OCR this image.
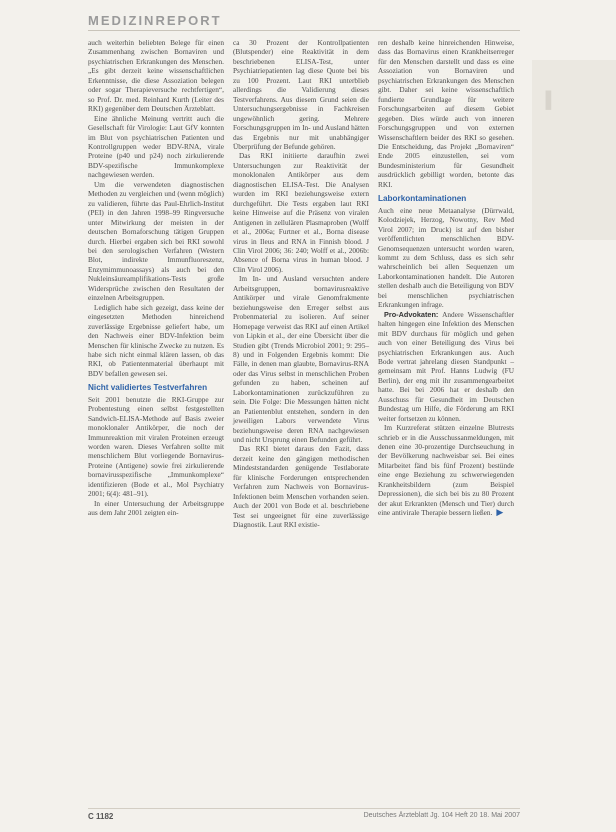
▐
MEDIZINREPORT

auch weiterhin beliebten Belege für einen Zusammenhang zwischen Bornaviren und psychiatrischen Erkrankungen des Menschen. „Es gibt derzeit keine wissenschaftlichen Erkenntnisse, die diese Assoziation belegen oder sogar Therapieversuche rechtfertigen“, so Prof. Dr. med. Reinhard Kurth (Leiter des RKI) gegenüber dem Deutschen Ärzteblatt.

Eine ähnliche Meinung vertritt auch die Gesellschaft für Virologie: Laut GfV konnten im Blut von psychiatrischen Patienten und Kontrollgruppen weder BDV-RNA, virale Proteine (p40 und p24) noch zirkulierende BDV-spezifische Immunkomplexe nachgewiesen werden.

Um die verwendeten diagnostischen Methoden zu vergleichen und (wenn möglich) zu validieren, führte das Paul-Ehrlich-Institut (PEI) in den Jahren 1998–99 Ringversuche unter Mitwirkung der meisten in der deutschen Bornaforschung tätigen Gruppen durch. Hierbei ergaben sich bei RKI sowohl bei den serologischen Verfahren (Western Blot, indirekte Immunfluoreszenz, Enzymimmunoassays) als auch bei den Nukleinsäureamplifikations-Tests große Widersprüche zwischen den Resultaten der einzelnen Arbeitsgruppen.

Lediglich habe sich gezeigt, dass keine der eingesetzten Methoden hinreichend zuverlässige Ergebnisse geliefert habe, um den Nachweis einer BDV-Infektion beim Menschen für klinische Zwecke zu nutzen. Es habe sich nicht einmal klären lassen, ob das RKI, ob Patientenmaterial überhaupt mit BDV befallen gewesen sei.

Nicht validiertes Testverfahren

Seit 2001 benutzte die RKI-Gruppe zur Probentestung einen selbst festgestellten Sandwich-ELISA-Methode auf Basis zweier monoklonaler Antikörper, die noch der Immunreaktion mit viralen Proteinen erzeugt worden waren. Dieses Verfahren sollte mit menschlichem Blut vorliegende Bornavirus-Proteine (Antigene) sowie frei zirkulierende bornavirusspezifische „Immunkomplexe“ identifizieren (Bode et al., Mol Psychiatry 2001; 6(4): 481–91).

In einer Untersuchung der Arbeitsgruppe aus dem Jahr 2001 zeigten ein-

ca 30 Prozent der Kontrollpatienten (Blutspender) eine Reaktivität in dem beschriebenen ELISA-Test, unter Psychiatriepatienten lag diese Quote bei bis zu 100 Prozent. Laut RKI unterblieb allerdings die Validierung dieses Testverfahrens. Aus diesem Grund seien die Untersuchungsergebnisse in Fachkreisen ungewöhnlich gering. Mehrere Forschungsgruppen im In- und Ausland hätten das Ergebnis nur mit unabhängiger Überprüfung der Befunde gehören.

Das RKI initiierte daraufhin zwei Untersuchungen zur Reaktivität der monoklonalen Antikörper aus dem diagnostischen ELISA-Test. Die Analysen wurden im RKI beziehungsweise extern durchgeführt. Die Tests ergaben laut RKI keine Hinweise auf die Präsenz von viralen Antigenen in zellulären Plasmaproben (Wolff et al., 2006a; Furtner et al., Borna disease virus in Ileus and RNA in Finnish blood. J Clin Virol 2006; 36: 240; Wolff et al., 2006b: Absence of Borna virus in human blood. J Clin Virol 2006).

Im In- und Ausland versuchten andere Arbeitsgruppen, bornavirusreaktive Antikörper und virale Genomfrakmente beziehungsweise den Erreger selbst aus Probenmaterial zu isolieren. Auf seiner Homepage verweist das RKI auf einen Artikel von Lipkin et al., der eine Übersicht über die Studien gibt (Trends Microbiol 2001; 9: 295–8) und in Folgenden Ergebnis kommt: Die Fälle, in denen man glaubte, Bornavirus-RNA oder das Virus selbst in menschlichen Proben gefunden zu haben, scheinen auf Laborkontaminationen zurückzuführen zu sein. Die Folge: Die Messungen hätten nicht an Patientenblut entstehen, sondern in den jeweiligen Labors verwendete Virus beziehungsweise deren RNA nachgewiesen und nicht Ursprung einen Befunden geführt.

Das RKI bietet daraus den Fazit, dass derzeit keine den gängigen methodischen Mindeststandarden genügende Testlaborate für klinische Forderungen entsprechenden Verfahren zum Nachweis von Bornavirus-Infektionen beim Menschen vorhanden seien. Auch der 2001 von Bode et al. beschriebene Test sei ungeeignet für eine zuverlässige Diagnostik. Laut RKI existie-

ren deshalb keine hinreichenden Hinweise, dass das Bornavirus einen Krankheitserreger für den Menschen darstellt und dass es eine Assoziation von Bornaviren und psychiatrischen Erkrankungen des Menschen gibt. Daher sei keine wissenschaftlich fundierte Grundlage für weitere Forschungsarbeiten auf diesem Gebiet gegeben. Dies würde auch von inneren Forschungsgruppen und von externen Wissenschaftlern beider des RKI so gesehen. Die Entscheidung, das Projekt „Bornaviren“ Ende 2005 einzustellen, sei vom Bundesministerium für Gesundheit ausdrücklich gebilligt worden, betonte das RKI.

Laborkontaminationen

Auch eine neue Metaanalyse (Dürrwald, Kolodziejek, Herzog, Nowotny, Rev Med Virol 2007; im Druck) ist auf den bisher veröffentlichten menschlichen BDV-Genomsequenzen untersucht worden waren, kommt zu dem Schluss, dass es sich sehr wahrscheinlich bei allen Sequenzen um Laborkontaminationen handelt. Die Autoren stellen deshalb auch die Beteiligung von BDV bei menschlichen psychiatrischen Erkrankungen infrage.

Pro-Advokaten: Andere Wissenschaftler halten hingegen eine Infektion des Menschen mit BDV durchaus für möglich und gehen auch von einer Beteiligung des Virus bei psychiatrischen Erkrankungen aus. Auch Bode vertrat jahrelang diesen Standpunkt – gemeinsam mit Prof. Hanns Ludwig (FU Berlin), der eng mit ihr zusammengearbeitet hatte. Bei bei 2006 hat er deshalb den Ausschuss für Gesundheit im Deutschen Bundestag um Hilfe, die Förderung am RKI weiter fortsetzen zu können.

Im Kurzreferat stützen einzelne Blutrests schrieb er in die Ausschussanmeldungen, mit denen eine 30-prozentige Durchseuchung in der Bevölkerung nachweisbar sei. Bei eines Mitarbeitet fänd bis fünf Prozent) bestünde eine enge Beziehung zu schwerwiegenden Krankheitsbildern (zum Beispiel Depressionen), die sich bei bis zu 80 Prozent der akut Erkrankten (Mensch und Tier) durch eine antivirale Therapie bessern ließen. ▶

C 1182	Deutsches Ärzteblatt Jg. 104 Heft 20 18. Mai 2007
